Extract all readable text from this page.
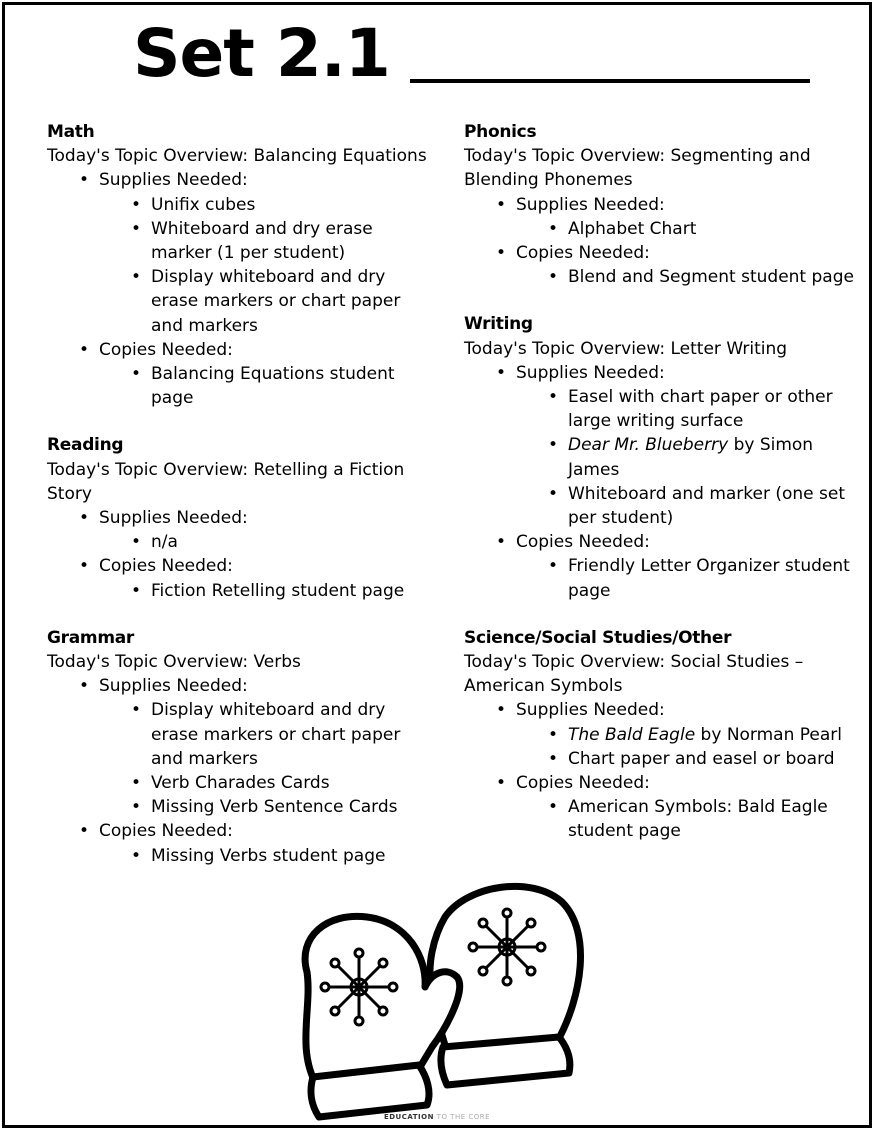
Set 2.1
Math
Today's Topic Overview: Balancing Equations
• Supplies Needed:
• Unifix cubes
• Whiteboard and dry erase marker (1 per student)
• Display whiteboard and dry erase markers or chart paper and markers
• Copies Needed:
• Balancing Equations student page
Reading
Today's Topic Overview: Retelling a Fiction Story
• Supplies Needed:
• n/a
• Copies Needed:
• Fiction Retelling student page
Grammar
Today's Topic Overview: Verbs
• Supplies Needed:
• Display whiteboard and dry erase markers or chart paper and markers
• Verb Charades Cards
• Missing Verb Sentence Cards
• Copies Needed:
• Missing Verbs student page
Phonics
Today's Topic Overview: Segmenting and Blending Phonemes
• Supplies Needed:
• Alphabet Chart
• Copies Needed:
• Blend and Segment student page
Writing
Today's Topic Overview: Letter Writing
• Supplies Needed:
• Easel with chart paper or other large writing surface
• Dear Mr. Blueberry by Simon James
• Whiteboard and marker (one set per student)
• Copies Needed:
• Friendly Letter Organizer student page
Science/Social Studies/Other
Today's Topic Overview: Social Studies – American Symbols
• Supplies Needed:
• The Bald Eagle by Norman Pearl
• Chart paper and easel or board
• Copies Needed:
• American Symbols: Bald Eagle student page
EDUCATION TO THE CORE
